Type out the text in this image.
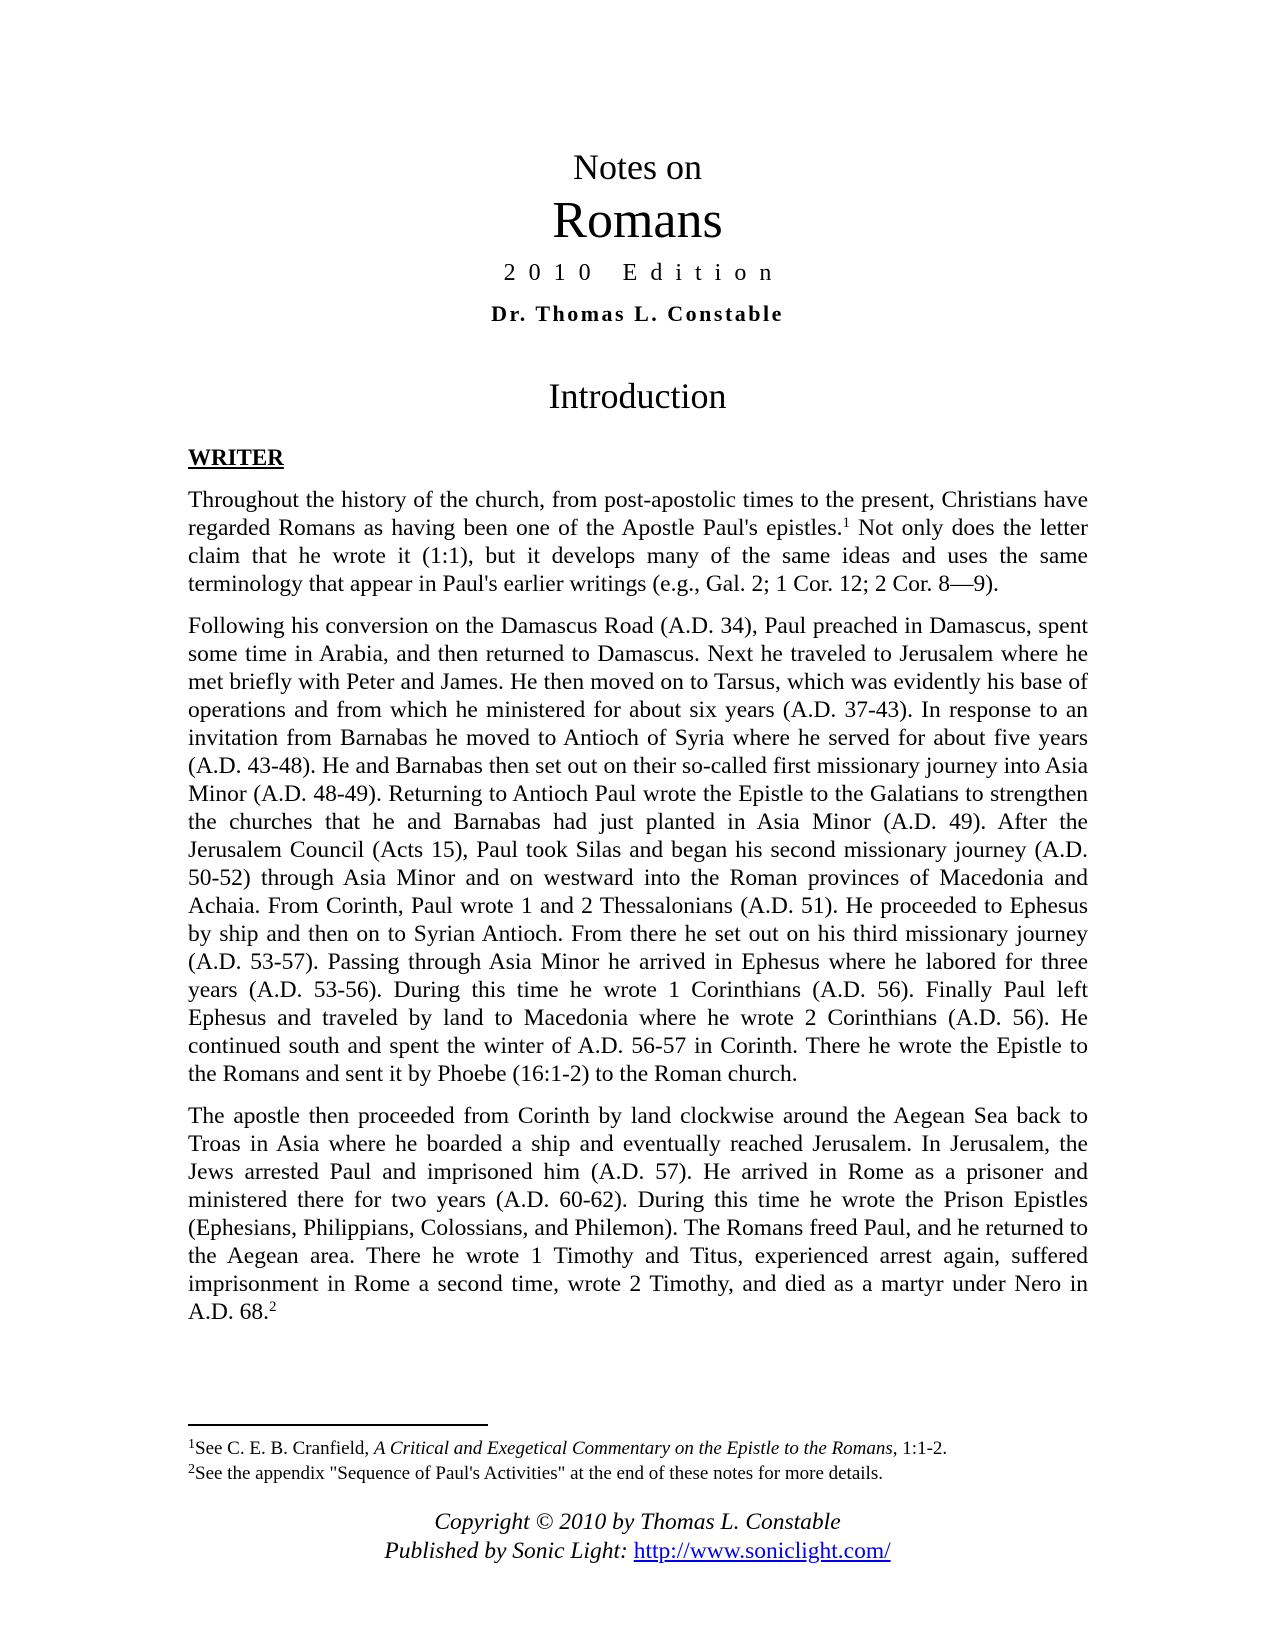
Notes on
Romans
2010 Edition
Dr. Thomas L. Constable
Introduction
WRITER

Throughout the history of the church, from post-apostolic times to the present, Christians have regarded Romans as having been one of the Apostle Paul's epistles.$^1$ Not only does the letter claim that he wrote it (1:1), but it develops many of the same ideas and uses the same terminology that appear in Paul's earlier writings (e.g., Gal. 2; 1 Cor. 12; 2 Cor. 8—9).

Following his conversion on the Damascus Road (A.D. 34), Paul preached in Damascus, spent some time in Arabia, and then returned to Damascus. Next he traveled to Jerusalem where he met briefly with Peter and James. He then moved on to Tarsus, which was evidently his base of operations and from which he ministered for about six years (A.D. 37-43). In response to an invitation from Barnabas he moved to Antioch of Syria where he served for about five years (A.D. 43-48). He and Barnabas then set out on their so-called first missionary journey into Asia Minor (A.D. 48-49). Returning to Antioch Paul wrote the Epistle to the Galatians to strengthen the churches that he and Barnabas had just planted in Asia Minor (A.D. 49). After the Jerusalem Council (Acts 15), Paul took Silas and began his second missionary journey (A.D. 50-52) through Asia Minor and on westward into the Roman provinces of Macedonia and Achaia. From Corinth, Paul wrote 1 and 2 Thessalonians (A.D. 51). He proceeded to Ephesus by ship and then on to Syrian Antioch. From there he set out on his third missionary journey (A.D. 53-57). Passing through Asia Minor he arrived in Ephesus where he labored for three years (A.D. 53-56). During this time he wrote 1 Corinthians (A.D. 56). Finally Paul left Ephesus and traveled by land to Macedonia where he wrote 2 Corinthians (A.D. 56). He continued south and spent the winter of A.D. 56-57 in Corinth. There he wrote the Epistle to the Romans and sent it by Phoebe (16:1-2) to the Roman church.

The apostle then proceeded from Corinth by land clockwise around the Aegean Sea back to Troas in Asia where he boarded a ship and eventually reached Jerusalem. In Jerusalem, the Jews arrested Paul and imprisoned him (A.D. 57). He arrived in Rome as a prisoner and ministered there for two years (A.D. 60-62). During this time he wrote the Prison Epistles (Ephesians, Philippians, Colossians, and Philemon). The Romans freed Paul, and he returned to the Aegean area. There he wrote 1 Timothy and Titus, experienced arrest again, suffered imprisonment in Rome a second time, wrote 2 Timothy, and died as a martyr under Nero in A.D. 68.$^2$

$^1$See C. E. B. Cranfield, A Critical and Exegetical Commentary on the Epistle to the Romans, 1:1-2.
$^2$See the appendix "Sequence of Paul's Activities" at the end of these notes for more details.
Copyright © 2010 by Thomas L. Constable
Published by Sonic Light: http://www.soniclight.com/
